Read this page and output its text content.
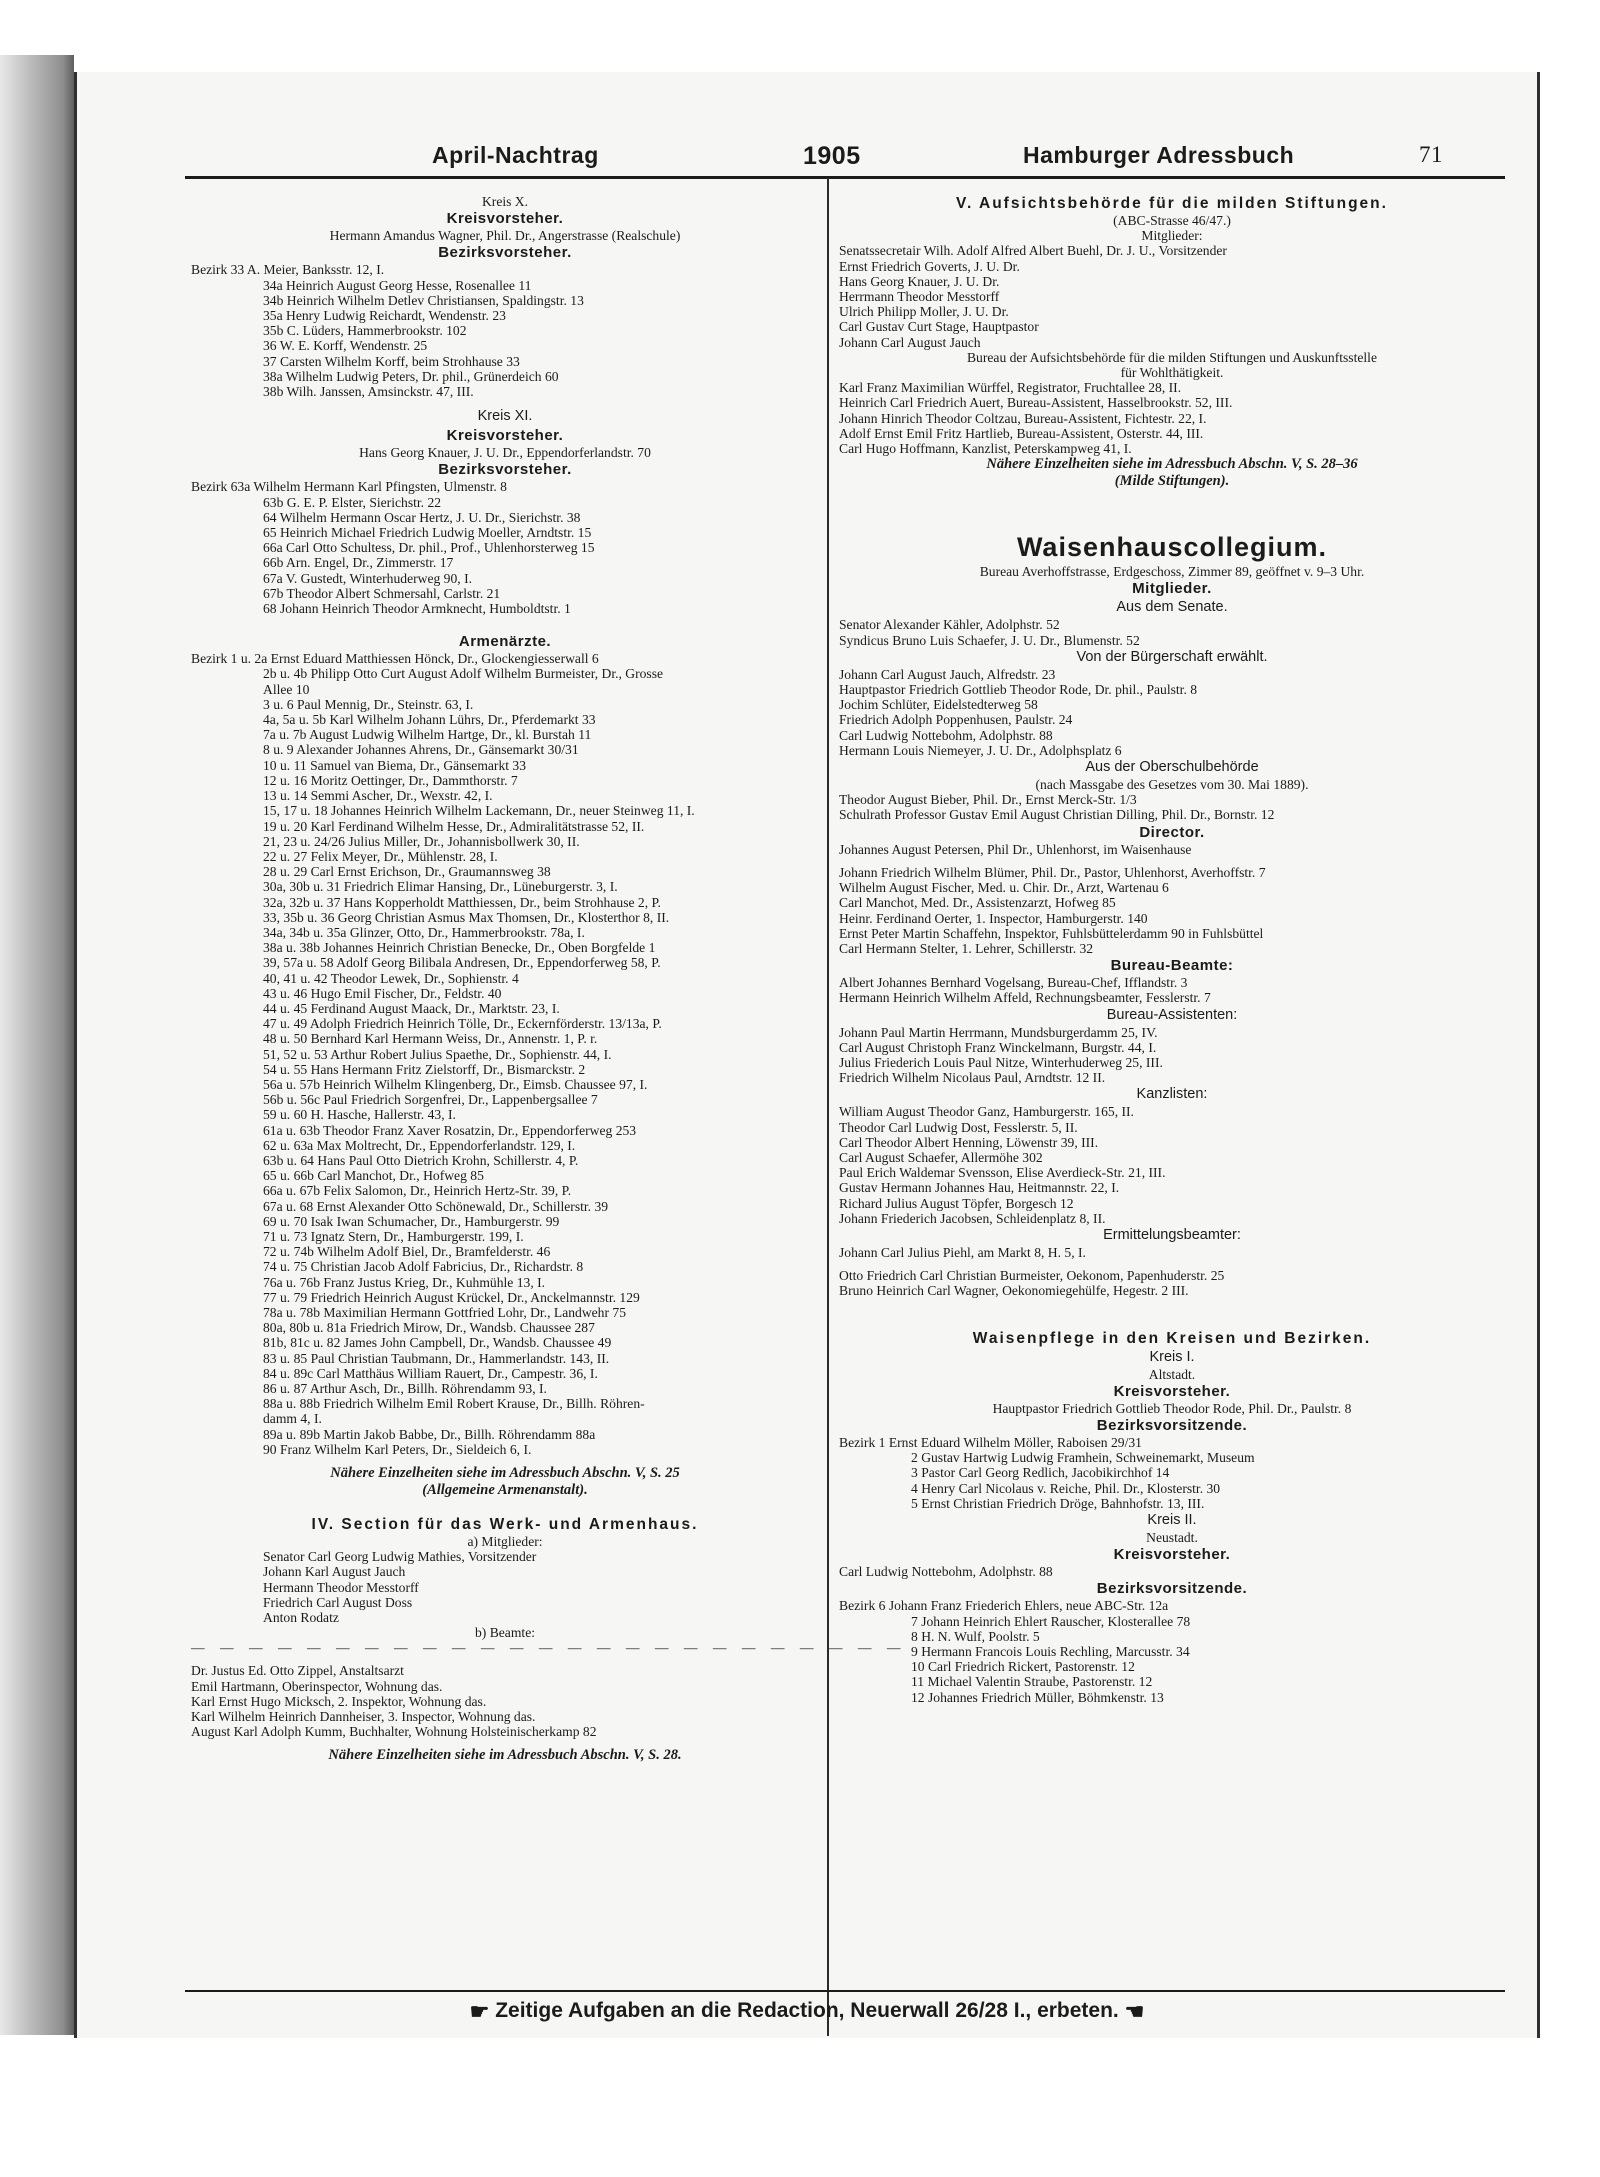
April-Nachtrag	1905	Hamburger Adressbuch	71
Kreis X.
Kreisvorsteher.
Hermann Amandus Wagner, Phil. Dr., Angerstrasse (Realschule)
Bezirksvorsteher.
Bezirk 33 A. Meier, Banksstr. 12, I.
34a Heinrich August Georg Hesse, Rosenallee 11
34b Heinrich Wilhelm Detlev Christiansen, Spaldingstr. 13
35a Henry Ludwig Reichardt, Wendenstr. 23
35b C. Lüders, Hammerbrookstr. 102
36 W. E. Korff, Wendenstr. 25
37 Carsten Wilhelm Korff, beim Strohhause 33
38a Wilhelm Ludwig Peters, Dr. phil., Grünerdeich 60
38b Wilh. Janssen, Amsinckstr. 47, III.
Kreis XI.
Kreisvorsteher.
Hans Georg Knauer, J. U. Dr., Eppendorferlandstr. 70
Bezirksvorsteher.
Bezirk 63a Wilhelm Hermann Karl Pfingsten, Ulmenstr. 8
63b G. E. P. Elster, Sierichstr. 22
64 Wilhelm Hermann Oscar Hertz, J. U. Dr., Sierichstr. 38
65 Heinrich Michael Friedrich Ludwig Moeller, Arndtstr. 15
66a Carl Otto Schultess, Dr. phil., Prof., Uhlenhorsterweg 15
66b Arn. Engel, Dr., Zimmerstr. 17
67a V. Gustedt, Winterhuderweg 90, I.
67b Theodor Albert Schmersahl, Carlstr. 21
68 Johann Heinrich Theodor Armknecht, Humboldtstr. 1
Armenärzte.
Bezirk 1 u. 2a Ernst Eduard Matthiessen Hönck, Dr., Glockengiesserwall 6
2b u. 4b Philipp Otto Curt August Adolf Wilhelm Burmeister, Dr., Grosse
Allee 10
3 u. 6 Paul Mennig, Dr., Steinstr. 63, I.
4a, 5a u. 5b Karl Wilhelm Johann Lührs, Dr., Pferdemarkt 33
7a u. 7b August Ludwig Wilhelm Hartge, Dr., kl. Burstah 11
8 u. 9 Alexander Johannes Ahrens, Dr., Gänsemarkt 30/31
10 u. 11 Samuel van Biema, Dr., Gänsemarkt 33
12 u. 16 Moritz Oettinger, Dr., Dammthorstr. 7
13 u. 14 Semmi Ascher, Dr., Wexstr. 42, I.
15, 17 u. 18 Johannes Heinrich Wilhelm Lackemann, Dr., neuer Steinweg 11, I.
19 u. 20 Karl Ferdinand Wilhelm Hesse, Dr., Admiralitätstrasse 52, II.
21, 23 u. 24/26 Julius Miller, Dr., Johannisbollwerk 30, II.
22 u. 27 Felix Meyer, Dr., Mühlenstr. 28, I.
28 u. 29 Carl Ernst Erichson, Dr., Graumannsweg 38
30a, 30b u. 31 Friedrich Elimar Hansing, Dr., Lüneburgerstr. 3, I.
32a, 32b u. 37 Hans Kopperholdt Matthiessen, Dr., beim Strohhause 2, P.
33, 35b u. 36 Georg Christian Asmus Max Thomsen, Dr., Klosterthor 8, II.
34a, 34b u. 35a Glinzer, Otto, Dr., Hammerbrookstr. 78a, I.
38a u. 38b Johannes Heinrich Christian Benecke, Dr., Oben Borgfelde 1
39, 57a u. 58 Adolf Georg Bilibala Andresen, Dr., Eppendorferweg 58, P.
40, 41 u. 42 Theodor Lewek, Dr., Sophienstr. 4
43 u. 46 Hugo Emil Fischer, Dr., Feldstr. 40
44 u. 45 Ferdinand August Maack, Dr., Marktstr. 23, I.
47 u. 49 Adolph Friedrich Heinrich Tölle, Dr., Eckernförderstr. 13/13a, P.
48 u. 50 Bernhard Karl Hermann Weiss, Dr., Annenstr. 1, P. r.
51, 52 u. 53 Arthur Robert Julius Spaethe, Dr., Sophienstr. 44, I.
54 u. 55 Hans Hermann Fritz Zielstorff, Dr., Bismarckstr. 2
56a u. 57b Heinrich Wilhelm Klingenberg, Dr., Eimsb. Chaussee 97, I.
56b u. 56c Paul Friedrich Sorgenfrei, Dr., Lappenbergsallee 7
59 u. 60 H. Hasche, Hallerstr. 43, I.
61a u. 63b Theodor Franz Xaver Rosatzin, Dr., Eppendorferweg 253
62 u. 63a Max Moltrecht, Dr., Eppendorferlandstr. 129, I.
63b u. 64 Hans Paul Otto Dietrich Krohn, Schillerstr. 4, P.
65 u. 66b Carl Manchot, Dr., Hofweg 85
66a u. 67b Felix Salomon, Dr., Heinrich Hertz-Str. 39, P.
67a u. 68 Ernst Alexander Otto Schönewald, Dr., Schillerstr. 39
69 u. 70 Isak Iwan Schumacher, Dr., Hamburgerstr. 99
71 u. 73 Ignatz Stern, Dr., Hamburgerstr. 199, I.
72 u. 74b Wilhelm Adolf Biel, Dr., Bramfelderstr. 46
74 u. 75 Christian Jacob Adolf Fabricius, Dr., Richardstr. 8
76a u. 76b Franz Justus Krieg, Dr., Kuhmühle 13, I.
77 u. 79 Friedrich Heinrich August Krückel, Dr., Anckelmannstr. 129
78a u. 78b Maximilian Hermann Gottfried Lohr, Dr., Landwehr 75
80a, 80b u. 81a Friedrich Mirow, Dr., Wandsb. Chaussee 287
81b, 81c u. 82 James John Campbell, Dr., Wandsb. Chaussee 49
83 u. 85 Paul Christian Taubmann, Dr., Hammerlandstr. 143, II.
84 u. 89c Carl Matthäus William Rauert, Dr., Campestr. 36, I.
86 u. 87 Arthur Asch, Dr., Billh. Röhrendamm 93, I.
88a u. 88b Friedrich Wilhelm Emil Robert Krause, Dr., Billh. Röhren-
damm 4, I.
89a u. 89b Martin Jakob Babbe, Dr., Billh. Röhrendamm 88a
90 Franz Wilhelm Karl Peters, Dr., Sieldeich 6, I.
Nähere Einzelheiten siehe im Adressbuch Abschn. V, S. 25
(Allgemeine Armenanstalt).
IV. Section für das Werk- und Armenhaus.
a) Mitglieder:
Senator Carl Georg Ludwig Mathies, Vorsitzender
Johann Karl August Jauch
Hermann Theodor Messtorff
Friedrich Carl August Doss
Anton Rodatz
b) Beamte:
— — — — — — — — — — — — — — — — — — — — — — — — —
Dr. Justus Ed. Otto Zippel, Anstaltsarzt
Emil Hartmann, Oberinspector, Wohnung das.
Karl Ernst Hugo Micksch, 2. Inspektor, Wohnung das.
Karl Wilhelm Heinrich Dannheiser, 3. Inspector, Wohnung das.
August Karl Adolph Kumm, Buchhalter, Wohnung Holsteinischerkamp 82
Nähere Einzelheiten siehe im Adressbuch Abschn. V, S. 28.
V. Aufsichtsbehörde für die milden Stiftungen.
(ABC-Strasse 46/47.)
Mitglieder:
Senatssecretair Wilh. Adolf Alfred Albert Buehl, Dr. J. U., Vorsitzender
Ernst Friedrich Goverts, J. U. Dr.
Hans Georg Knauer, J. U. Dr.
Herrmann Theodor Messtorff
Ulrich Philipp Moller, J. U. Dr.
Carl Gustav Curt Stage, Hauptpastor
Johann Carl August Jauch
Bureau der Aufsichtsbehörde für die milden Stiftungen und Auskunftsstelle
für Wohlthätigkeit.
Karl Franz Maximilian Würffel, Registrator, Fruchtallee 28, II.
Heinrich Carl Friedrich Auert, Bureau-Assistent, Hasselbrookstr. 52, III.
Johann Hinrich Theodor Coltzau, Bureau-Assistent, Fichtestr. 22, I.
Adolf Ernst Emil Fritz Hartlieb, Bureau-Assistent, Osterstr. 44, III.
Carl Hugo Hoffmann, Kanzlist, Peterskampweg 41, I.
Nähere Einzelheiten siehe im Adressbuch Abschn. V, S. 28–36
(Milde Stiftungen).
Waisenhauscollegium.
Bureau Averhoffstrasse, Erdgeschoss, Zimmer 89, geöffnet v. 9–3 Uhr.
Mitglieder.
Aus dem Senate.
Senator Alexander Kähler, Adolphstr. 52
Syndicus Bruno Luis Schaefer, J. U. Dr., Blumenstr. 52
Von der Bürgerschaft erwählt.
Johann Carl August Jauch, Alfredstr. 23
Hauptpastor Friedrich Gottlieb Theodor Rode, Dr. phil., Paulstr. 8
Jochim Schlüter, Eidelstedterweg 58
Friedrich Adolph Poppenhusen, Paulstr. 24
Carl Ludwig Nottebohm, Adolphstr. 88
Hermann Louis Niemeyer, J. U. Dr., Adolphsplatz 6
Aus der Oberschulbehörde
(nach Massgabe des Gesetzes vom 30. Mai 1889).
Theodor August Bieber, Phil. Dr., Ernst Merck-Str. 1/3
Schulrath Professor Gustav Emil August Christian Dilling, Phil. Dr., Bornstr. 12
Director.
Johannes August Petersen, Phil Dr., Uhlenhorst, im Waisenhause
Johann Friedrich Wilhelm Blümer, Phil. Dr., Pastor, Uhlenhorst, Averhoffstr. 7
Wilhelm August Fischer, Med. u. Chir. Dr., Arzt, Wartenau 6
Carl Manchot, Med. Dr., Assistenzarzt, Hofweg 85
Heinr. Ferdinand Oerter, 1. Inspector, Hamburgerstr. 140
Ernst Peter Martin Schaffehn, Inspektor, Fuhlsbüttelerdamm 90 in Fuhlsbüttel
Carl Hermann Stelter, 1. Lehrer, Schillerstr. 32
Bureau-Beamte:
Albert Johannes Bernhard Vogelsang, Bureau-Chef, Ifflandstr. 3
Hermann Heinrich Wilhelm Affeld, Rechnungsbeamter, Fesslerstr. 7
Bureau-Assistenten:
Johann Paul Martin Herrmann, Mundsburgerdamm 25, IV.
Carl August Christoph Franz Winckelmann, Burgstr. 44, I.
Julius Friederich Louis Paul Nitze, Winterhuderweg 25, III.
Friedrich Wilhelm Nicolaus Paul, Arndtstr. 12 II.
Kanzlisten:
William August Theodor Ganz, Hamburgerstr. 165, II.
Theodor Carl Ludwig Dost, Fesslerstr. 5, II.
Carl Theodor Albert Henning, Löwenstr 39, III.
Carl August Schaefer, Allermöhe 302
Paul Erich Waldemar Svensson, Elise Averdieck-Str. 21, III.
Gustav Hermann Johannes Hau, Heitmannstr. 22, I.
Richard Julius August Töpfer, Borgesch 12
Johann Friederich Jacobsen, Schleidenplatz 8, II.
Ermittelungsbeamter:
Johann Carl Julius Piehl, am Markt 8, H. 5, I.
Otto Friedrich Carl Christian Burmeister, Oekonom, Papenhuderstr. 25
Bruno Heinrich Carl Wagner, Oekonomiegehülfe, Hegestr. 2 III.
Waisenpflege in den Kreisen und Bezirken.
Kreis I.
Altstadt.
Kreisvorsteher.
Hauptpastor Friedrich Gottlieb Theodor Rode, Phil. Dr., Paulstr. 8
Bezirksvorsitzende.
Bezirk 1 Ernst Eduard Wilhelm Möller, Raboisen 29/31
2 Gustav Hartwig Ludwig Framhein, Schweinemarkt, Museum
3 Pastor Carl Georg Redlich, Jacobikirchhof 14
4 Henry Carl Nicolaus v. Reiche, Phil. Dr., Klosterstr. 30
5 Ernst Christian Friedrich Dröge, Bahnhofstr. 13, III.
Kreis II.
Neustadt.
Kreisvorsteher.
Carl Ludwig Nottebohm, Adolphstr. 88
Bezirksvorsitzende.
Bezirk 6 Johann Franz Friederich Ehlers, neue ABC-Str. 12a
7 Johann Heinrich Ehlert Rauscher, Klosterallee 78
8 H. N. Wulf, Poolstr. 5
9 Hermann Francois Louis Rechling, Marcusstr. 34
10 Carl Friedrich Rickert, Pastorenstr. 12
11 Michael Valentin Straube, Pastorenstr. 12
12 Johannes Friedrich Müller, Böhmkenstr. 13
☛ Zeitige Aufgaben an die Redaction, Neuerwall 26/28 I., erbeten. ☚
